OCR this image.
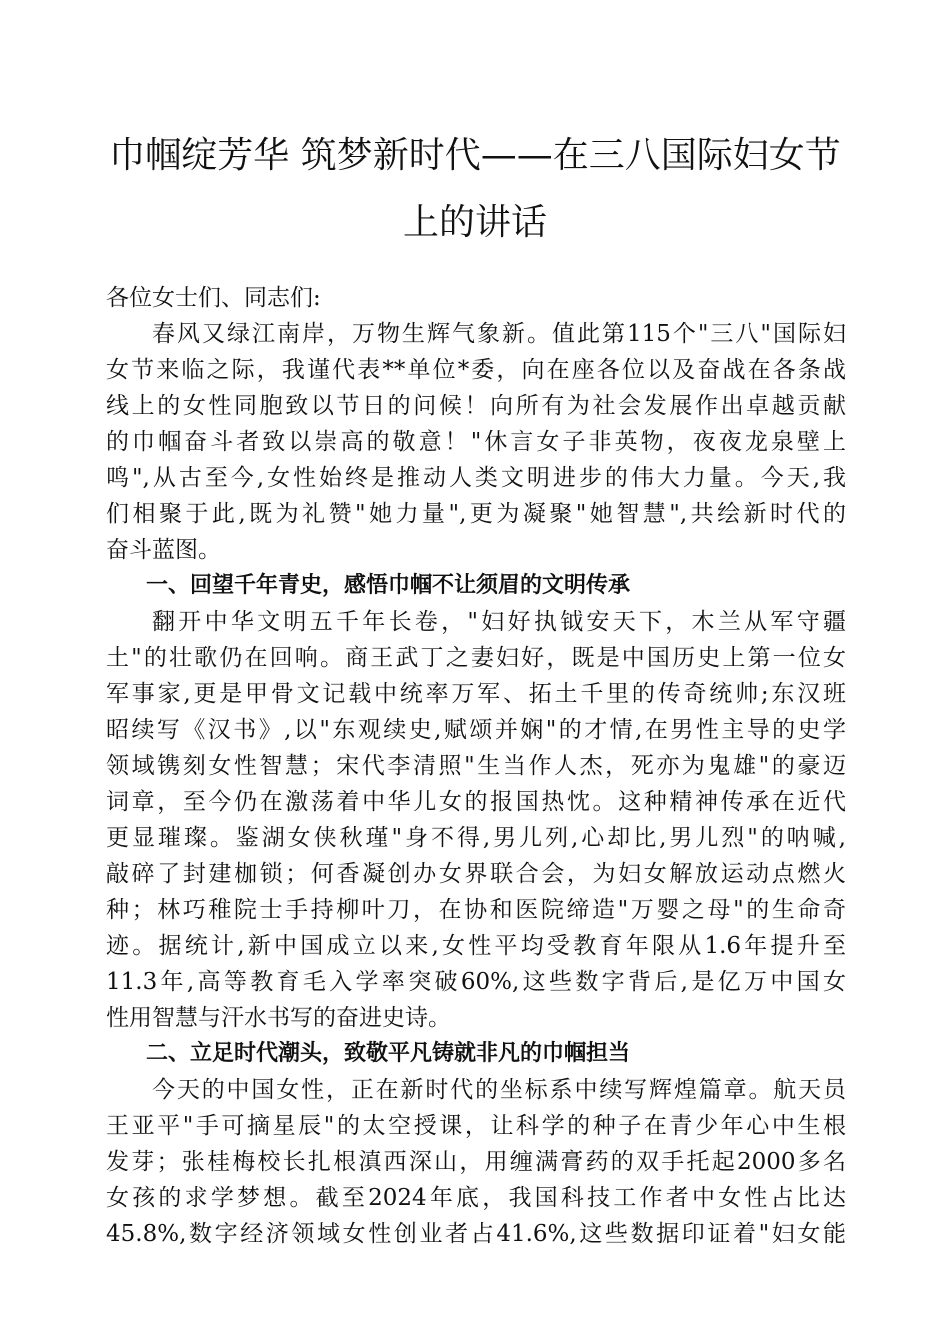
巾帼绽芳华 筑梦新时代——在三八国际妇女节
上的讲话
各位女士们、同志们:
春风又绿江南岸，万物生辉气象新。值此第115个"三八"国际妇
女节来临之际，我谨代表**单位*委，向在座各位以及奋战在各条战
线上的女性同胞致以节日的问候！向所有为社会发展作出卓越贡献
的巾帼奋斗者致以崇高的敬意！"休言女子非英物，夜夜龙泉壁上
鸣",从古至今,女性始终是推动人类文明进步的伟大力量。今天,我
们相聚于此,既为礼赞"她力量",更为凝聚"她智慧",共绘新时代的
奋斗蓝图。
一、回望千年青史，感悟巾帼不让须眉的文明传承
翻开中华文明五千年长卷，"妇好执钺安天下，木兰从军守疆
土"的壮歌仍在回响。商王武丁之妻妇好，既是中国历史上第一位女
军事家,更是甲骨文记载中统率万军、拓土千里的传奇统帅;东汉班
昭续写《汉书》,以"东观续史,赋颂并娴"的才情,在男性主导的史学
领域镌刻女性智慧；宋代李清照"生当作人杰，死亦为鬼雄"的豪迈
词章，至今仍在激荡着中华儿女的报国热忱。这种精神传承在近代
更显璀璨。鉴湖女侠秋瑾"身不得,男儿列,心却比,男儿烈"的呐喊,
敲碎了封建枷锁；何香凝创办女界联合会，为妇女解放运动点燃火
种；林巧稚院士手持柳叶刀，在协和医院缔造"万婴之母"的生命奇
迹。据统计,新中国成立以来,女性平均受教育年限从1.6年提升至
11.3年,高等教育毛入学率突破60%,这些数字背后,是亿万中国女
性用智慧与汗水书写的奋进史诗。
二、立足时代潮头，致敬平凡铸就非凡的巾帼担当
今天的中国女性，正在新时代的坐标系中续写辉煌篇章。航天员
王亚平"手可摘星辰"的太空授课，让科学的种子在青少年心中生根
发芽；张桂梅校长扎根滇西深山，用缠满膏药的双手托起2000多名
女孩的求学梦想。截至2024年底，我国科技工作者中女性占比达
45.8%,数字经济领域女性创业者占41.6%,这些数据印证着"妇女能
